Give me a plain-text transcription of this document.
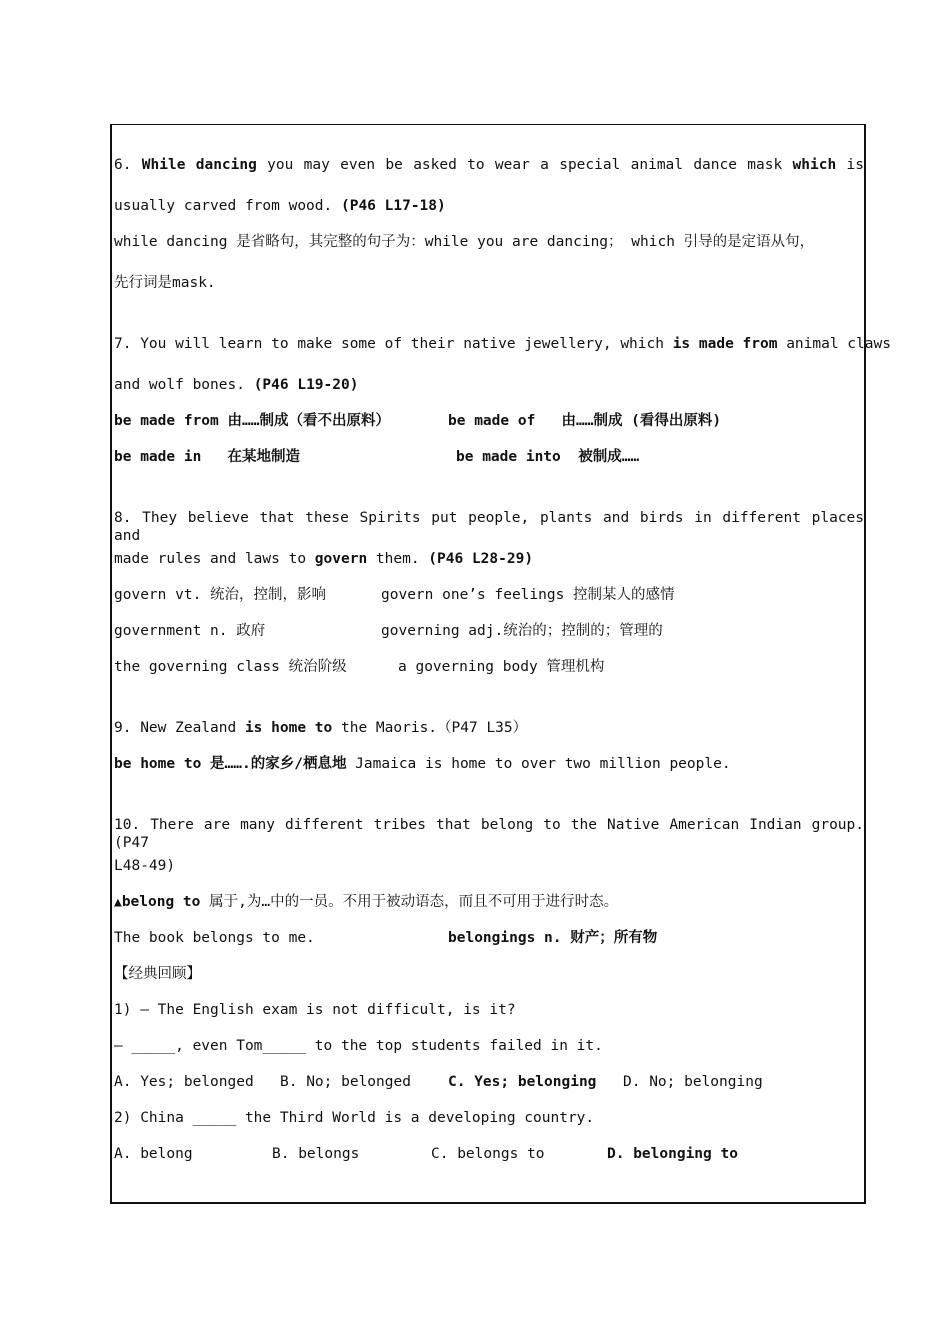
6. While dancing you may even be asked to wear a special animal dance mask which is
usually carved from wood. (P46 L17-18)
while dancing 是省略句，其完整的句子为：while you are dancing； which 引导的是定语从句，
先行词是mask.
7. You will learn to make some of their native jewellery, which is made from animal claws
and wolf bones. (P46 L19-20)
be made from 由……制成（看不出原料）	be made of   由……制成 (看得出原料)
be made in   在某地制造	be made into  被制成……
8. They believe that these Spirits put people, plants and birds in different places and
made rules and laws to govern them. (P46 L28-29)
govern vt. 统治，控制，影响	govern one’s feelings 控制某人的感情
government n. 政府	governing adj.统治的；控制的；管理的
the governing class 统治阶级	a governing body 管理机构
9. New Zealand is home to the Maoris.（P47 L35）
be home to 是…….的家乡/栖息地 Jamaica is home to over two million people.
10. There are many different tribes that belong to the Native American Indian group.(P47
L48-49)
▲belong to 属于,为…中的一员。不用于被动语态，而且不可用于进行时态。
The book belongs to me.	belongings n. 财产；所有物
【经典回顾】
1) – The English exam is not difficult, is it?
– _____, even Tom_____ to the top students failed in it.
A. Yes; belonged B. No; belonged	C. Yes; belonging D. No; belonging
2) China _____ the Third World is a developing country.
A. belong	B. belongs	C. belongs to	D. belonging to
